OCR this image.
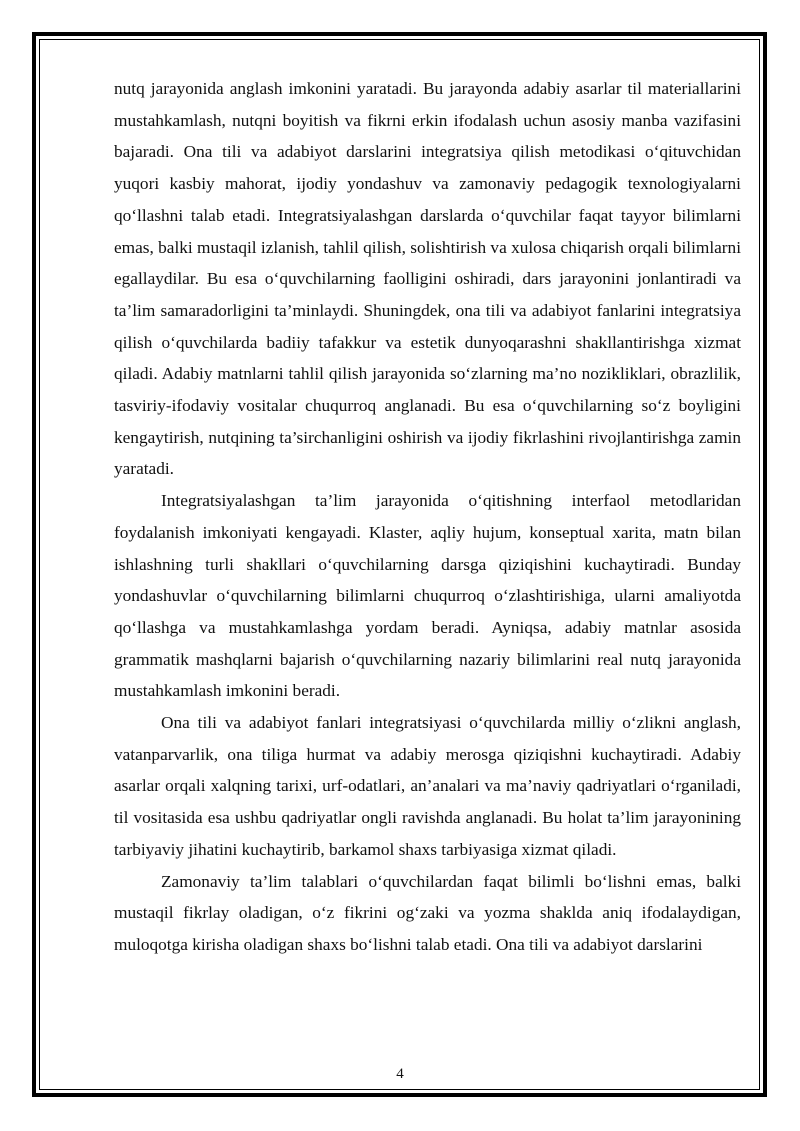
nutq jarayonida anglash imkonini yaratadi. Bu jarayonda adabiy asarlar til materiallarini mustahkamlash, nutqni boyitish va fikrni erkin ifodalash uchun asosiy manba vazifasini bajaradi. Ona tili va adabiyot darslarini integratsiya qilish metodikasi o‘qituvchidan yuqori kasbiy mahorat, ijodiy yondashuv va zamonaviy pedagogik texnologiyalarni qo‘llashni talab etadi. Integratsiyalashgan darslarda o‘quvchilar faqat tayyor bilimlarni emas, balki mustaqil izlanish, tahlil qilish, solishtirish va xulosa chiqarish orqali bilimlarni egallaydilar. Bu esa o‘quvchilarning faolligini oshiradi, dars jarayonini jonlantiradi va ta’lim samaradorligini ta’minlaydi. Shuningdek, ona tili va adabiyot fanlarini integratsiya qilish o‘quvchilarda badiiy tafakkur va estetik dunyoqarashni shakllantirishga xizmat qiladi. Adabiy matnlarni tahlil qilish jarayonida so‘zlarning ma’no nozikliklari, obrazlilik, tasviriy-ifodaviy vositalar chuqurroq anglanadi. Bu esa o‘quvchilarning so‘z boyligini kengaytirish, nutqining ta’sirchanligini oshirish va ijodiy fikrlashini rivojlantirishga zamin yaratadi.

Integratsiyalashgan ta’lim jarayonida o‘qitishning interfaol metodlaridan foydalanish imkoniyati kengayadi. Klaster, aqliy hujum, konseptual xarita, matn bilan ishlashning turli shakllari o‘quvchilarning darsga qiziqishini kuchaytiradi. Bunday yondashuvlar o‘quvchilarning bilimlarni chuqurroq o‘zlashtirishiga, ularni amaliyotda qo‘llashga va mustahkamlashga yordam beradi. Ayniqsa, adabiy matnlar asosida grammatik mashqlarni bajarish o‘quvchilarning nazariy bilimlarini real nutq jarayonida mustahkamlash imkonini beradi.

Ona tili va adabiyot fanlari integratsiyasi o‘quvchilarda milliy o‘zlikni anglash, vatanparvarlik, ona tiliga hurmat va adabiy merosga qiziqishni kuchaytiradi. Adabiy asarlar orqali xalqning tarixi, urf-odatlari, an’analari va ma’naviy qadriyatlari o‘rganiladi, til vositasida esa ushbu qadriyatlar ongli ravishda anglanadi. Bu holat ta’lim jarayonining tarbiyaviy jihatini kuchaytirib, barkamol shaxs tarbiyasiga xizmat qiladi.

Zamonaviy ta’lim talablari o‘quvchilardan faqat bilimli bo‘lishni emas, balki mustaqil fikrlay oladigan, o‘z fikrini og‘zaki va yozma shaklda aniq ifodalaydigan, muloqotga kirisha oladigan shaxs bo‘lishni talab etadi. Ona tili va adabiyot darslarini

4
